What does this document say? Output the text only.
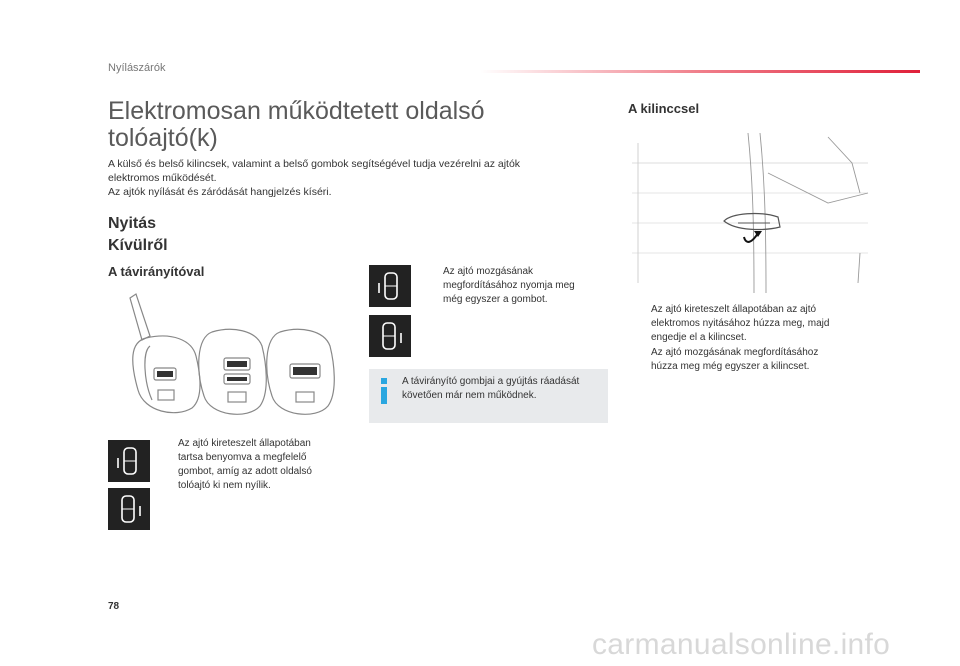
Nyílászárók
Elektromosan működtetett oldalsó tolóajtó(k)
A külső és belső kilincsek, valamint a belső gombok segítségével tudja vezérelni az ajtók
elektromos működését.
Az ajtók nyílását és záródását hangjelzés kíséri.
Nyitás
Kívülről
A távirányítóval
A kilinccsel
Az ajtó kireteszelt állapotában
tartsa benyomva a megfelelő
gombot, amíg az adott oldalsó
tolóajtó ki nem nyílik.
Az ajtó mozgásának
megfordításához nyomja meg
még egyszer a gombot.
A távirányító gombjai a gyújtás ráadását
követően már nem működnek.
Az ajtó kireteszelt állapotában az ajtó
elektromos nyitásához húzza meg, majd
engedje el a kilincset.
Az ajtó mozgásának megfordításához
húzza meg még egyszer a kilincset.
78
carmanualsonline.info
